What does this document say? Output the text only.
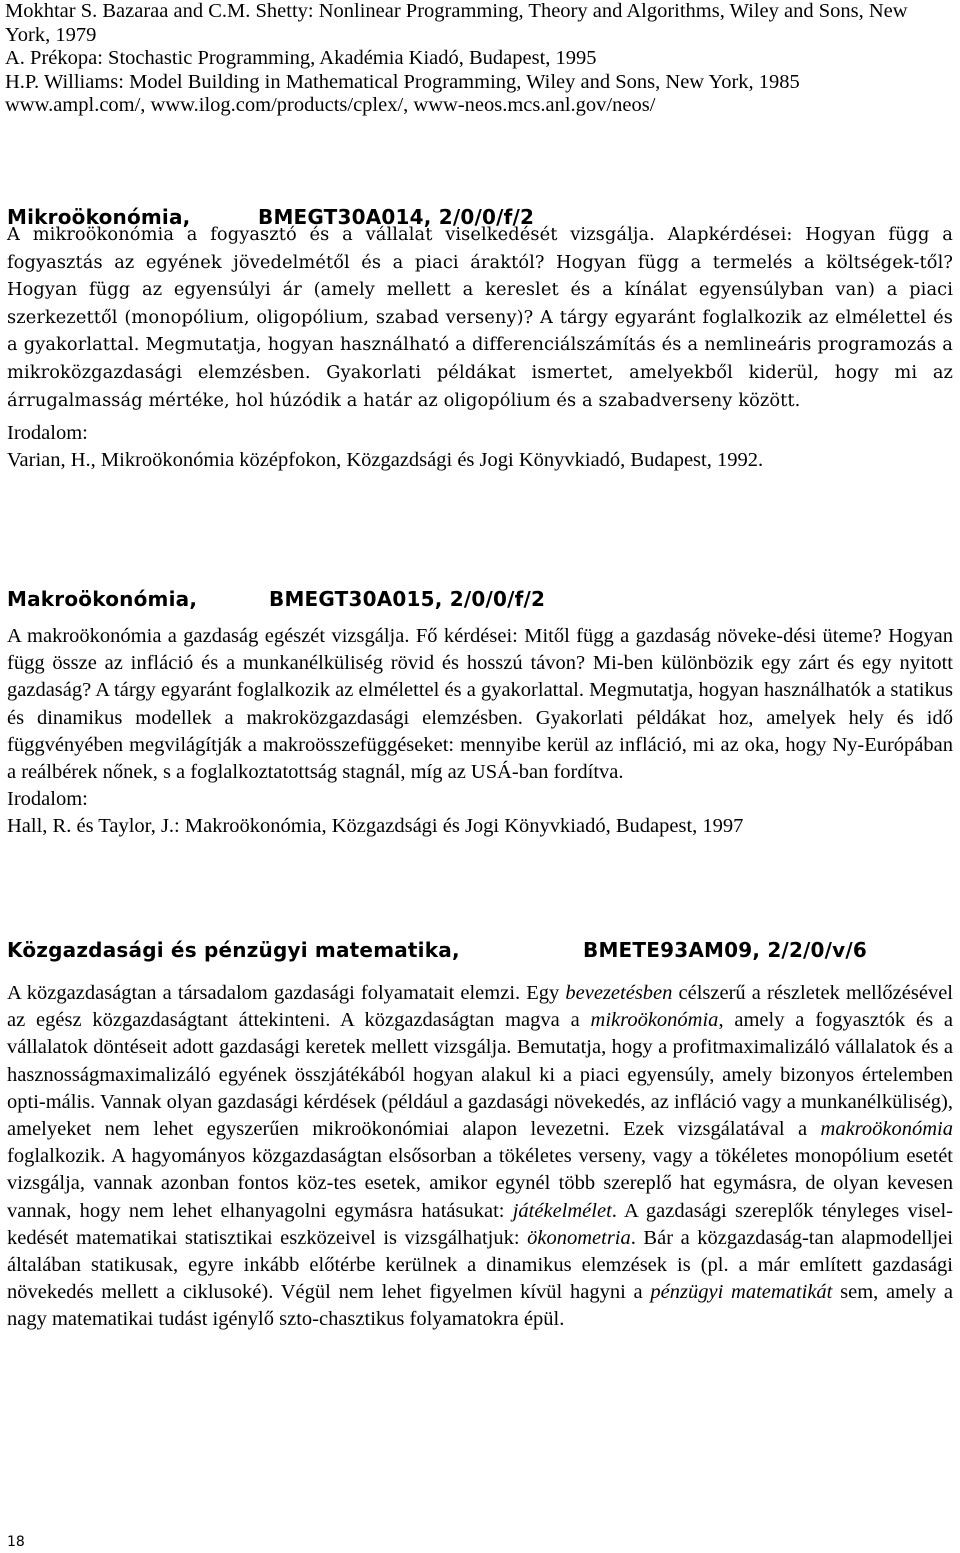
Mokhtar S. Bazaraa and C.M. Shetty: Nonlinear Programming, Theory and Algorithms, Wiley and Sons, New York, 1979

A. Prékopa: Stochastic Programming, Akadémia Kiadó, Budapest, 1995

H.P. Williams: Model Building in Mathematical Programming, Wiley and Sons, New York, 1985

www.ampl.com/, www.ilog.com/products/cplex/, www-neos.mcs.anl.gov/neos/

Mikroökonómia,	BMEGT30A014, 2/0/0/f/2

A mikroökonómia a fogyasztó és a vállalat viselkedését vizsgálja. Alapkérdései: Hogyan függ a fogyasztás az egyének jövedelmétől és a piaci áraktól? Hogyan függ a termelés a költségek-től? Hogyan függ az egyensúlyi ár (amely mellett a kereslet és a kínálat egyensúlyban van) a piaci szerkezettől (monopólium, oligopólium, szabad verseny)? A tárgy egyaránt foglalkozik az elmélettel és a gyakorlattal. Megmutatja, hogyan használható a differenciálszámítás és a nemlineáris programozás a mikroközgazdasági elemzésben. Gyakorlati példákat ismertet, amelyekből kiderül, hogy mi az árrugalmasság mértéke, hol húzódik a határ az oligopólium és a szabadverseny között.

Irodalom:

Varian, H., Mikroökonómia középfokon, Közgazdsági és Jogi Könyvkiadó, Budapest, 1992.

Makroökonómia,	BMEGT30A015, 2/0/0/f/2

A makroökonómia a gazdaság egészét vizsgálja. Fő kérdései: Mitől függ a gazdaság növeke-dési üteme? Hogyan függ össze az infláció és a munkanélküliség rövid és hosszú távon? Mi-ben különbözik egy zárt és egy nyitott gazdaság? A tárgy egyaránt foglalkozik az elmélettel és a gyakorlattal. Megmutatja, hogyan használhatók a statikus és dinamikus modellek a makroközgazdasági elemzésben. Gyakorlati példákat hoz, amelyek hely és idő függvényében megvilágítják a makroösszefüggéseket: mennyibe kerül az infláció, mi az oka, hogy Ny-Európában a reálbérek nőnek, s a foglalkoztatottság stagnál, míg az USÁ-ban fordítva.

Irodalom:

Hall, R. és Taylor, J.: Makroökonómia, Közgazdsági és Jogi Könyvkiadó, Budapest, 1997

Közgazdasági és pénzügyi matematika,	BMETE93AM09, 2/2/0/v/6

A közgazdaságtan a társadalom gazdasági folyamatait elemzi. Egy bevezetésben célszerű a részletek mellőzésével az egész közgazdaságtant áttekinteni. A közgazdaságtan magva a mikroökonómia, amely a fogyasztók és a vállalatok döntéseit adott gazdasági keretek mellett vizsgálja. Bemutatja, hogy a profitmaximalizáló vállalatok és a hasznosságmaximalizáló egyének összjátékából hogyan alakul ki a piaci egyensúly, amely bizonyos értelemben opti-mális. Vannak olyan gazdasági kérdések (például a gazdasági növekedés, az infláció vagy a munkanélküliség), amelyeket nem lehet egyszerűen mikroökonómiai alapon levezetni. Ezek vizsgálatával a makroökonómia foglalkozik. A hagyományos közgazdaságtan elsősorban a tökéletes verseny, vagy a tökéletes monopólium esetét vizsgálja, vannak azonban fontos köz-tes esetek, amikor egynél több szereplő hat egymásra, de olyan kevesen vannak, hogy nem lehet elhanyagolni egymásra hatásukat: játékelmélet. A gazdasági szereplők tényleges visel-kedését matematikai statisztikai eszközeivel is vizsgálhatjuk: ökonometria. Bár a közgazdaság-tan alapmodelljei általában statikusak, egyre inkább előtérbe kerülnek a dinamikus elemzések is (pl. a már említett gazdasági növekedés mellett a ciklusoké). Végül nem lehet figyelmen kívül hagyni a pénzügyi matematikát sem, amely a nagy matematikai tudást igénylő szto-chasztikus folyamatokra épül.

18
